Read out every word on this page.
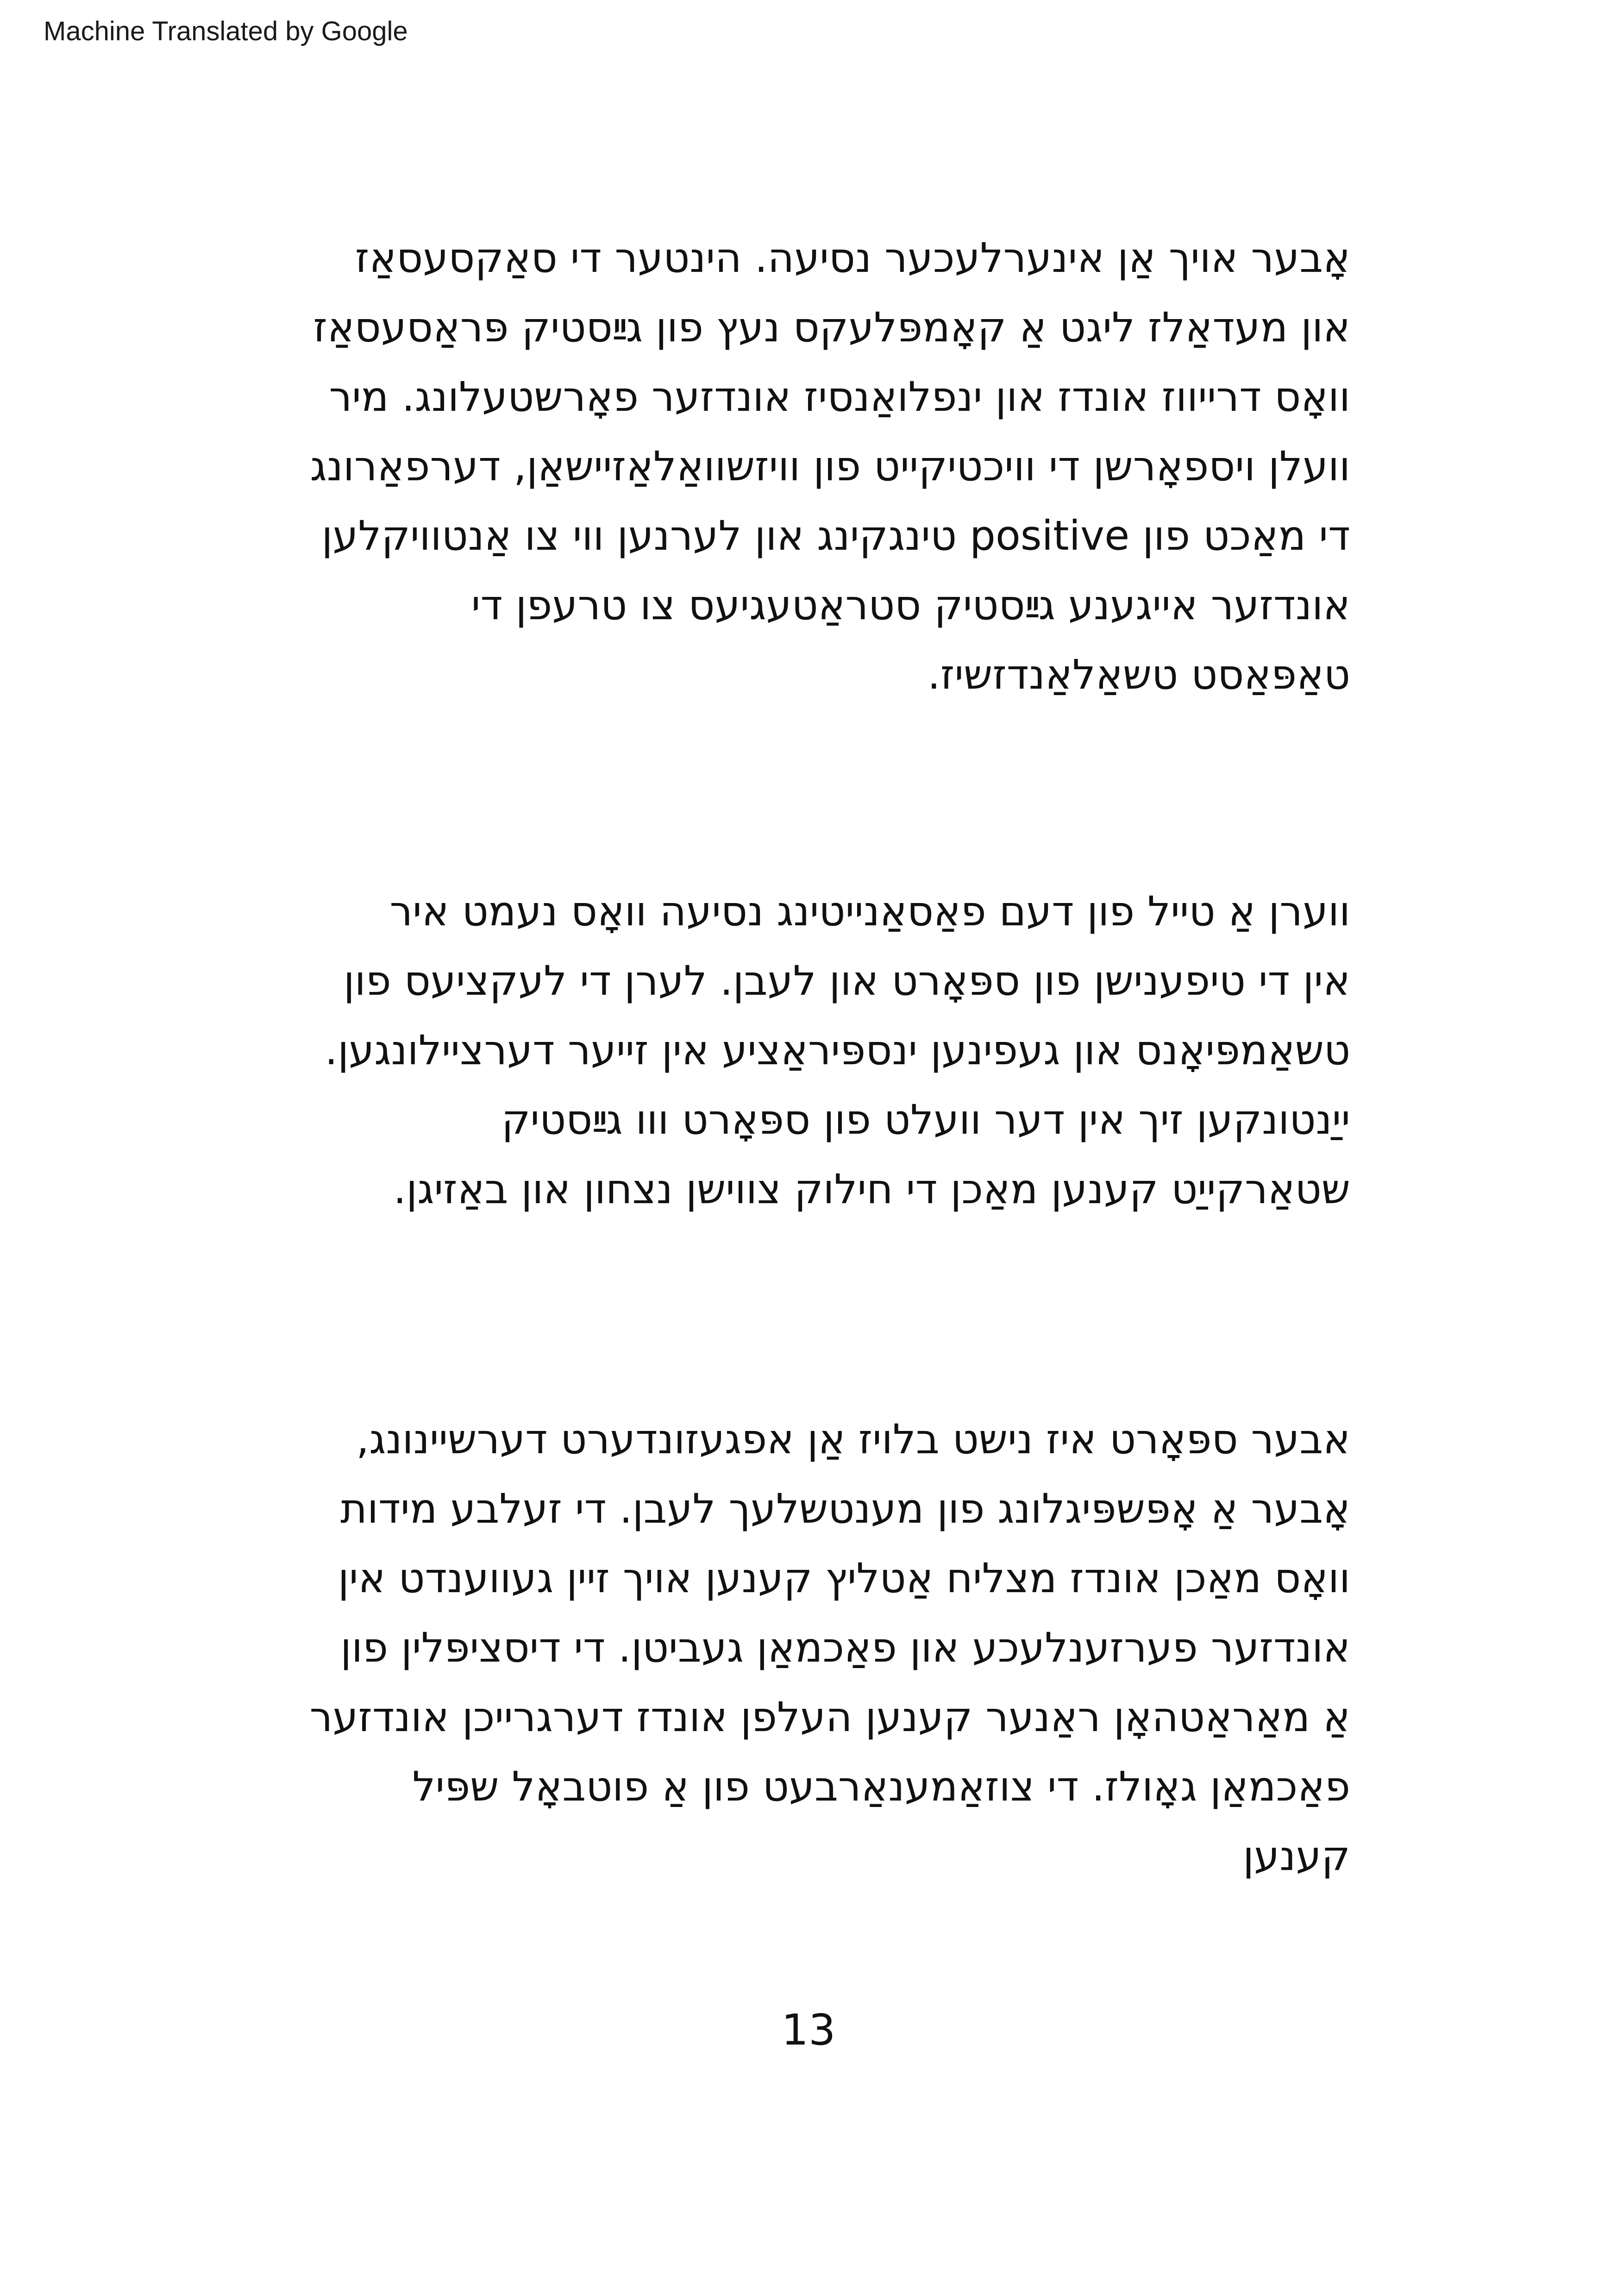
Machine Translated by Google
אָבער אויך אַן אינערלעכער נסיעה. הינטער די סאַקסעסאַז
און מעדאַלז ליגט אַ קאָמפּלעקס נעץ פון גײַסטיק פּראַסעסאַז
וואָס דרייווז אונדז און ינפלואַנסיז אונדזער פאָרשטעלונג. מיר
וועלן ויספאָרשן די וויכטיקייט פון וויזשוואַלאַזיישאַן, דערפאַרונג
די מאַכט פון positive טינגקינג און לערנען ווי צו אַנטוויקלען
אונדזער אייגענע גײַסטיק סטראַטעגיעס צו טרעפן די
טאַפּאַסט טשאַלאַנדזשיז.
ווערן אַ טייל פון דעם פאַסאַנייטינג נסיעה וואָס נעמט איר
אין די טיפענישן פון ספּאָרט און לעבן. לערן די לעקציעס פון
טשאַמפּיאָנס און געפינען ינספּיראַציע אין זייער דערציילונגען.
ייַנטונקען זיך אין דער וועלט פון ספּאָרט ווו גײַסטיק
שטאַרקייַט קענען מאַכן די חילוק צווישן נצחון און באַזיגן.
אבער ספּאָרט איז נישט בלויז אַן אפגעזונדערט דערשיינונג,
אָבער אַ אָפּשפּיגלונג פון מענטשלעך לעבן. די זעלבע מידות
וואָס מאַכן אונדז מצליח אַטליץ קענען אויך זיין געווענדט אין
אונדזער פערזענלעכע און פאַכמאַן געביטן. די דיסציפּלין פון
אַ מאַראַטהאָן ראַנער קענען העלפן אונדז דערגרייכן אונדזער
פאַכמאַן גאָולז. די צוזאַמענאַרבעט פון אַ פוטבאָל שפּיל
קענען
13
